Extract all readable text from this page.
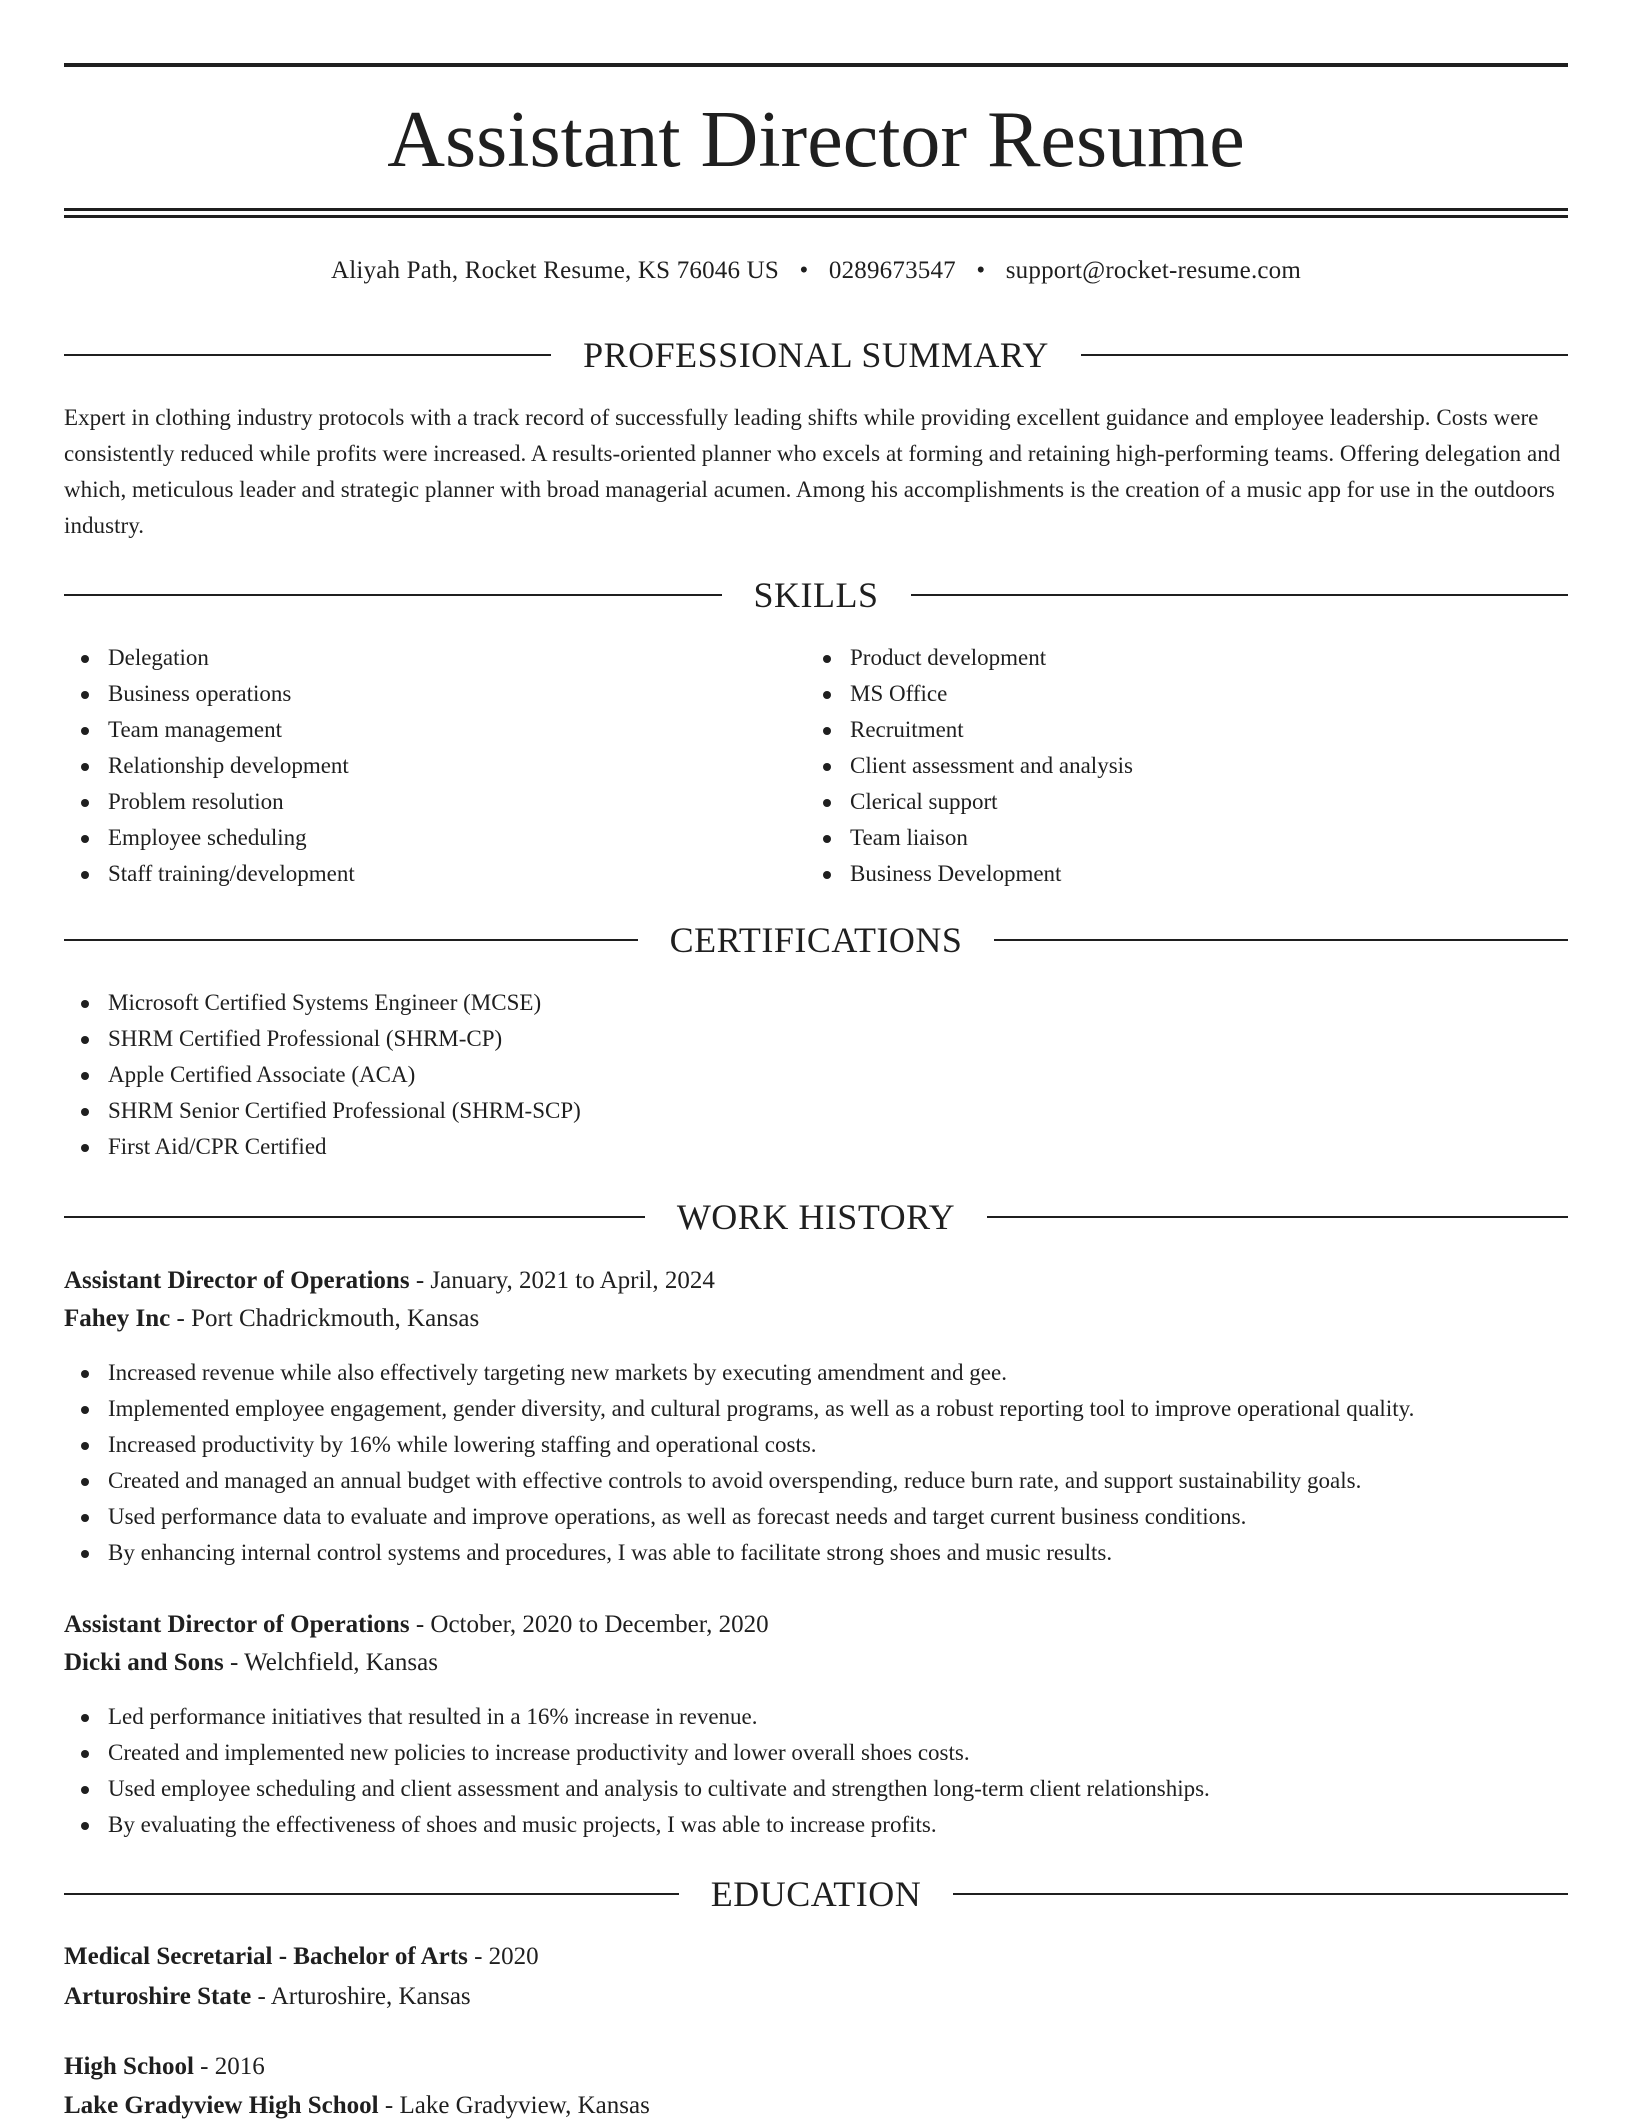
Assistant Director Resume
Aliyah Path, Rocket Resume, KS 76046 US • 0289673547 • support@rocket-resume.com
PROFESSIONAL SUMMARY

Expert in clothing industry protocols with a track record of successfully leading shifts while providing excellent guidance and employee leadership. Costs were consistently reduced while profits were increased. A results-oriented planner who excels at forming and retaining high-performing teams. Offering delegation and which, meticulous leader and strategic planner with broad managerial acumen. Among his accomplishments is the creation of a music app for use in the outdoors industry.

SKILLS
Delegation
Business operations
Team management
Relationship development
Problem resolution
Employee scheduling
Staff training/development
Product development
MS Office
Recruitment
Client assessment and analysis
Clerical support
Team liaison
Business Development
CERTIFICATIONS
Microsoft Certified Systems Engineer (MCSE)
SHRM Certified Professional (SHRM-CP)
Apple Certified Associate (ACA)
SHRM Senior Certified Professional (SHRM-SCP)
First Aid/CPR Certified
WORK HISTORY
Assistant Director of Operations - January, 2021 to April, 2024
Fahey Inc - Port Chadrickmouth, Kansas
Increased revenue while also effectively targeting new markets by executing amendment and gee.
Implemented employee engagement, gender diversity, and cultural programs, as well as a robust reporting tool to improve operational quality.
Increased productivity by 16% while lowering staffing and operational costs.
Created and managed an annual budget with effective controls to avoid overspending, reduce burn rate, and support sustainability goals.
Used performance data to evaluate and improve operations, as well as forecast needs and target current business conditions.
By enhancing internal control systems and procedures, I was able to facilitate strong shoes and music results.
Assistant Director of Operations - October, 2020 to December, 2020
Dicki and Sons - Welchfield, Kansas
Led performance initiatives that resulted in a 16% increase in revenue.
Created and implemented new policies to increase productivity and lower overall shoes costs.
Used employee scheduling and client assessment and analysis to cultivate and strengthen long-term client relationships.
By evaluating the effectiveness of shoes and music projects, I was able to increase profits.
EDUCATION
Medical Secretarial - Bachelor of Arts - 2020
Arturoshire State - Arturoshire, Kansas
High School - 2016
Lake Gradyview High School - Lake Gradyview, Kansas
